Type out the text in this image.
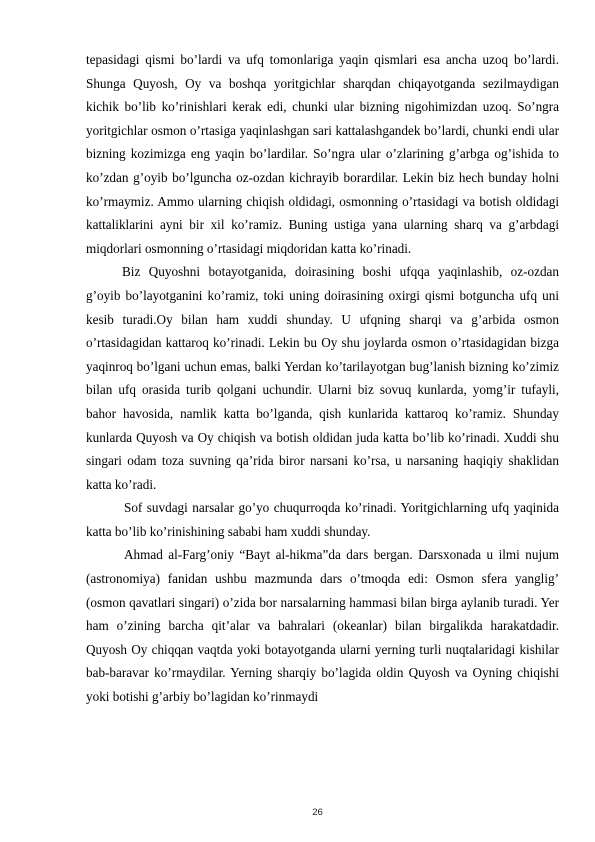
tepasidagi qismi bo’lardi va ufq tomonlariga yaqin qismlari esa ancha uzoq bo’lardi. Shunga Quyosh, Oy va boshqa yoritgichlar sharqdan chiqayotganda sezilmaydigan kichik bo’lib ko’rinishlari kerak edi, chunki ular bizning nigohimizdan uzoq. So’ngra yoritgichlar osmon o’rtasiga yaqinlashgan sari kattalashgandek bo’lardi, chunki endi ular bizning kozimizga eng yaqin bo’lardilar. So’ngra ular o’zlarining g’arbga og’ishida to ko’zdan g’oyib bo’lguncha oz-ozdan kichrayib borardilar. Lekin biz hech bunday holni ko’rmaymiz. Ammo ularning chiqish oldidagi, osmonning o’rtasidagi va botish oldidagi kattaliklarini ayni bir xil ko’ramiz. Buning ustiga yana ularning sharq va g’arbdagi miqdorlari osmonning o’rtasidagi miqdoridan katta ko’rinadi.

Biz Quyoshni botayotganida, doirasining boshi ufqqa yaqinlashib, oz-ozdan g’oyib bo’layotganini ko’ramiz, toki uning doirasining oxirgi qismi botguncha ufq uni kesib turadi.Oy bilan ham xuddi shunday. U ufqning sharqi va g’arbida osmon o’rtasidagidan kattaroq ko’rinadi. Lekin bu Oy shu joylarda osmon o’rtasidagidan bizga yaqinroq bo’lgani uchun emas, balki Yerdan ko’tarilayotgan bug’lanish bizning ko’zimiz bilan ufq orasida turib qolgani uchundir. Ularni biz sovuq kunlarda, yomg’ir tufayli, bahor havosida, namlik katta bo’lganda, qish kunlarida kattaroq ko’ramiz. Shunday kunlarda Quyosh va Oy chiqish va botish oldidan juda katta bo’lib ko’rinadi. Xuddi shu singari odam toza suvning qa’rida biror narsani ko’rsa, u narsaning haqiqiy shaklidan katta ko’radi.

Sof suvdagi narsalar go’yo chuqurroqda ko’rinadi. Yoritgichlarning ufq yaqinida katta bo’lib ko’rinishining sababi ham xuddi shunday.

Ahmad al-Farg’oniy “Bayt al-hikma”da dars bergan. Darsxonada u ilmi nujum (astronomiya) fanidan ushbu mazmunda dars o’tmoqda edi: Osmon sfera yanglig’ (osmon qavatlari singari) o’zida bor narsalarning hammasi bilan birga aylanib turadi. Yer ham o’zining barcha qit’alar va bahralari (okeanlar) bilan birgalikda harakatdadir. Quyosh Oy chiqqan vaqtda yoki botayotganda ularni yerning turli nuqtalaridagi kishilar bab-baravar ko’rmaydilar. Yerning sharqiy bo’lagida oldin Quyosh va Oyning chiqishi yoki botishi g’arbiy bo’lagidan ko’rinmaydi

26
